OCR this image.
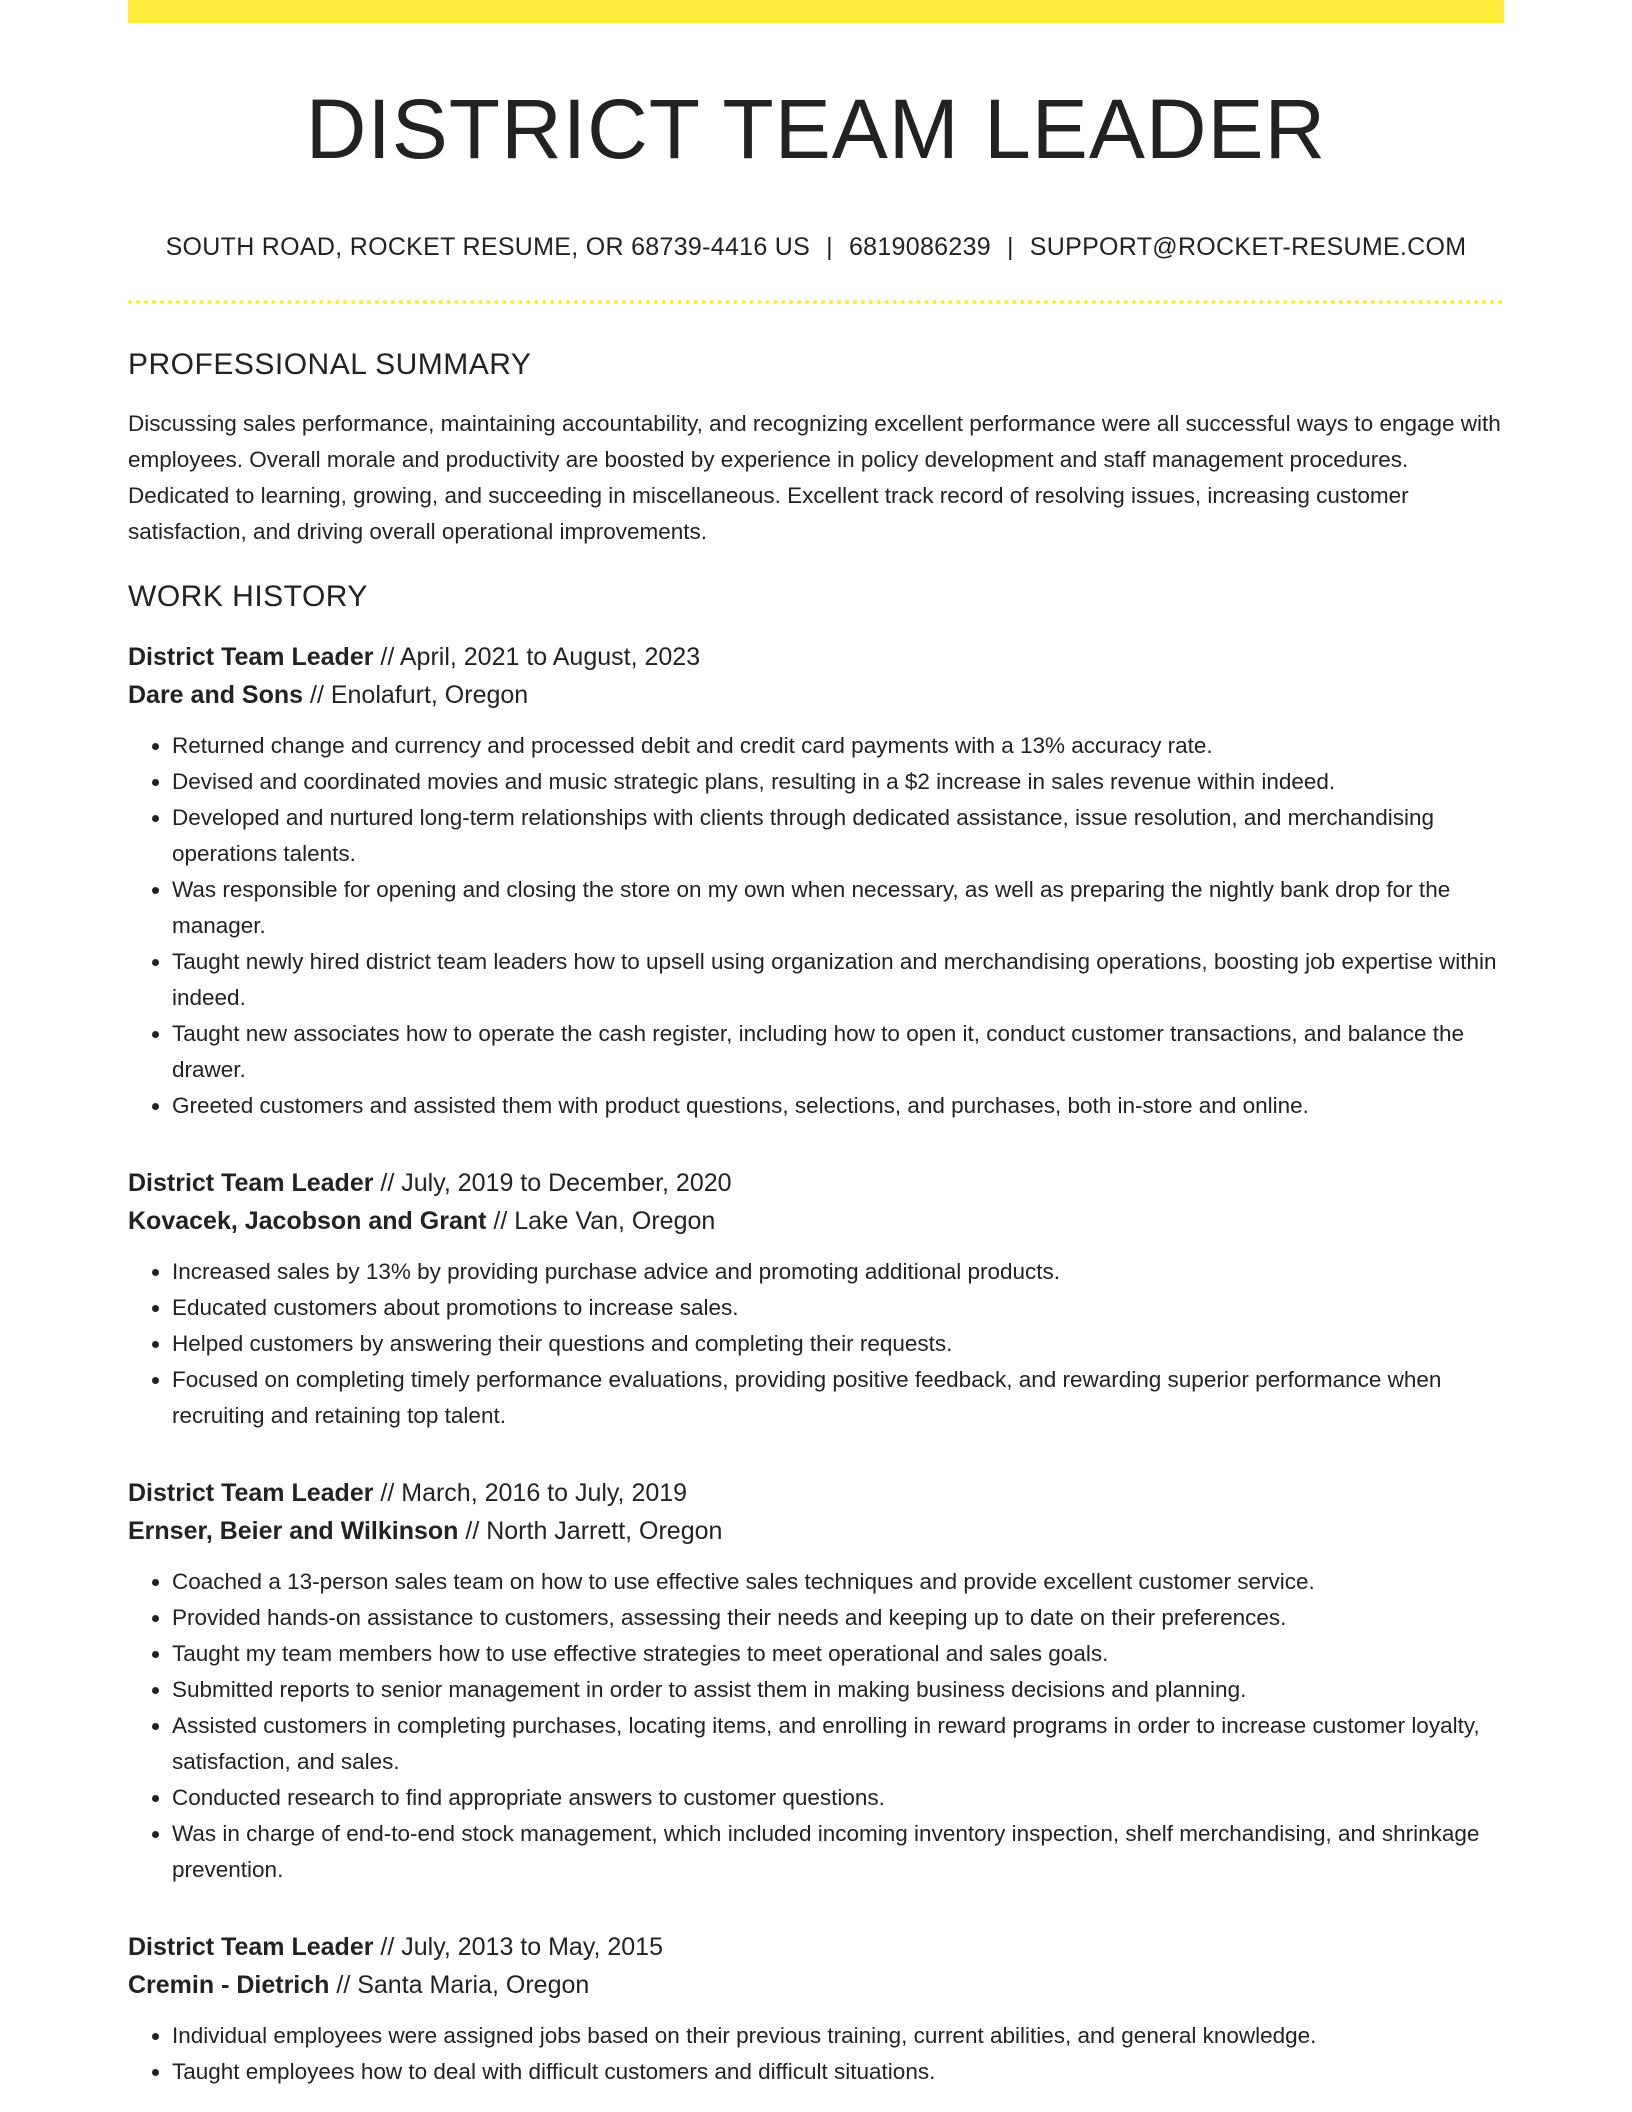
DISTRICT TEAM LEADER
SOUTH ROAD, ROCKET RESUME, OR 68739-4416 US | 6819086239 | SUPPORT@ROCKET-RESUME.COM
PROFESSIONAL SUMMARY

Discussing sales performance, maintaining accountability, and recognizing excellent performance were all successful ways to engage with employees. Overall morale and productivity are boosted by experience in policy development and staff management procedures. Dedicated to learning, growing, and succeeding in miscellaneous. Excellent track record of resolving issues, increasing customer satisfaction, and driving overall operational improvements.

WORK HISTORY
District Team Leader // April, 2021 to August, 2023
Dare and Sons // Enolafurt, Oregon
• Returned change and currency and processed debit and credit card payments with a 13% accuracy rate.
• Devised and coordinated movies and music strategic plans, resulting in a $2 increase in sales revenue within indeed.
• Developed and nurtured long-term relationships with clients through dedicated assistance, issue resolution, and merchandising operations talents.
• Was responsible for opening and closing the store on my own when necessary, as well as preparing the nightly bank drop for the manager.
• Taught newly hired district team leaders how to upsell using organization and merchandising operations, boosting job expertise within indeed.
• Taught new associates how to operate the cash register, including how to open it, conduct customer transactions, and balance the drawer.
• Greeted customers and assisted them with product questions, selections, and purchases, both in-store and online.
District Team Leader // July, 2019 to December, 2020
Kovacek, Jacobson and Grant // Lake Van, Oregon
• Increased sales by 13% by providing purchase advice and promoting additional products.
• Educated customers about promotions to increase sales.
• Helped customers by answering their questions and completing their requests.
• Focused on completing timely performance evaluations, providing positive feedback, and rewarding superior performance when recruiting and retaining top talent.
District Team Leader // March, 2016 to July, 2019
Ernser, Beier and Wilkinson // North Jarrett, Oregon
• Coached a 13-person sales team on how to use effective sales techniques and provide excellent customer service.
• Provided hands-on assistance to customers, assessing their needs and keeping up to date on their preferences.
• Taught my team members how to use effective strategies to meet operational and sales goals.
• Submitted reports to senior management in order to assist them in making business decisions and planning.
• Assisted customers in completing purchases, locating items, and enrolling in reward programs in order to increase customer loyalty, satisfaction, and sales.
• Conducted research to find appropriate answers to customer questions.
• Was in charge of end-to-end stock management, which included incoming inventory inspection, shelf merchandising, and shrinkage prevention.
District Team Leader // July, 2013 to May, 2015
Cremin - Dietrich // Santa Maria, Oregon
• Individual employees were assigned jobs based on their previous training, current abilities, and general knowledge.
• Taught employees how to deal with difficult customers and difficult situations.
